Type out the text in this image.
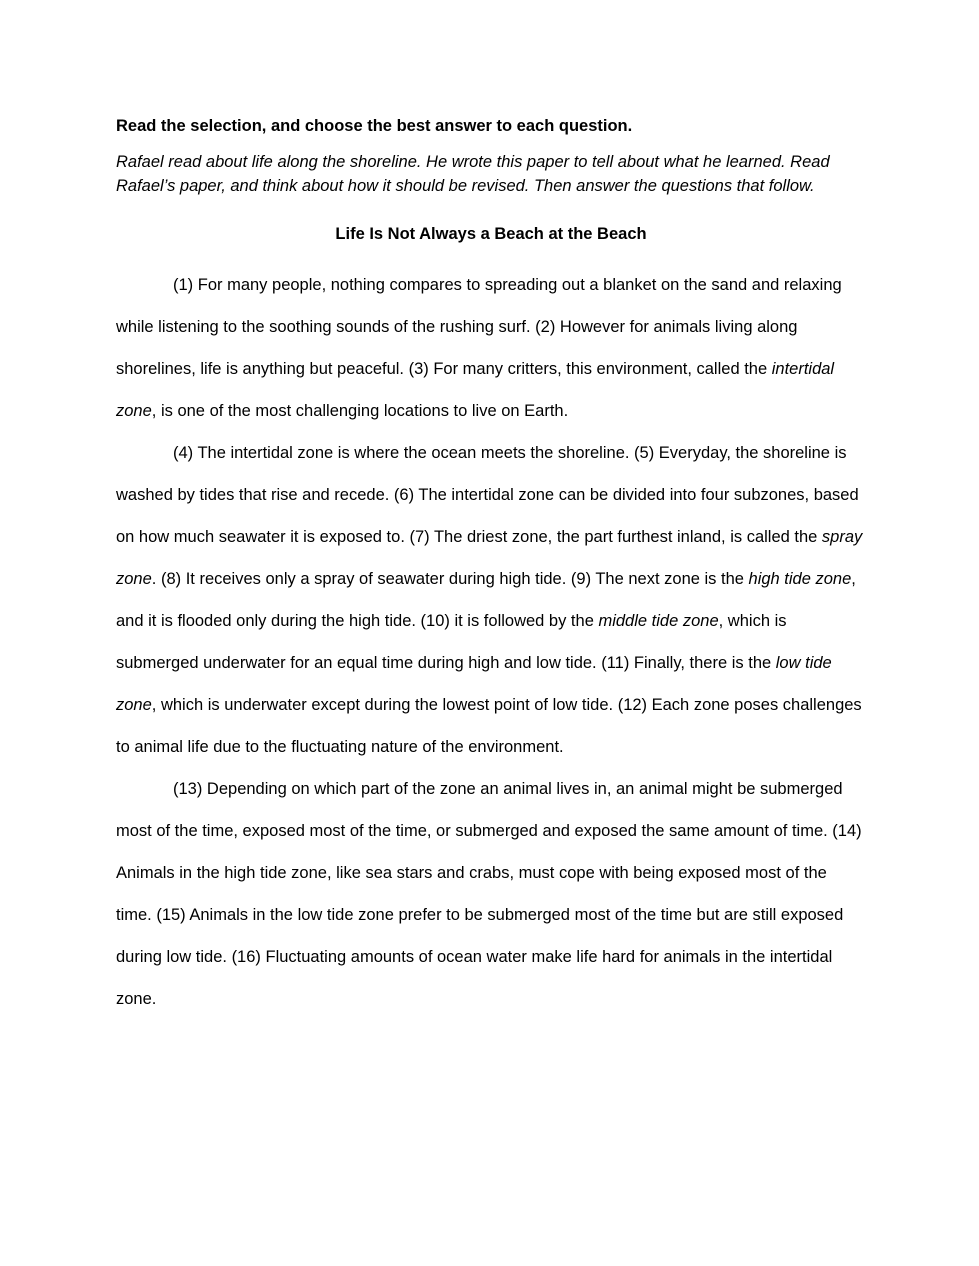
Read the selection, and choose the best answer to each question.

Rafael read about life along the shoreline. He wrote this paper to tell about what he learned. Read Rafael’s paper, and think about how it should be revised. Then answer the questions that follow.

Life Is Not Always a Beach at the Beach

(1) For many people, nothing compares to spreading out a blanket on the sand and relaxing while listening to the soothing sounds of the rushing surf. (2) However for animals living along shorelines, life is anything but peaceful. (3) For many critters, this environment, called the intertidal zone, is one of the most challenging locations to live on Earth.

(4) The intertidal zone is where the ocean meets the shoreline. (5) Everyday, the shoreline is washed by tides that rise and recede. (6) The intertidal zone can be divided into four subzones, based on how much seawater it is exposed to. (7) The driest zone, the part furthest inland, is called the spray zone. (8) It receives only a spray of seawater during high tide. (9) The next zone is the high tide zone, and it is flooded only during the high tide. (10) it is followed by the middle tide zone, which is submerged underwater for an equal time during high and low tide. (11) Finally, there is the low tide zone, which is underwater except during the lowest point of low tide. (12) Each zone poses challenges to animal life due to the fluctuating nature of the environment.

(13) Depending on which part of the zone an animal lives in, an animal might be submerged most of the time, exposed most of the time, or submerged and exposed the same amount of time. (14) Animals in the high tide zone, like sea stars and crabs, must cope with being exposed most of the time. (15) Animals in the low tide zone prefer to be submerged most of the time but are still exposed during low tide. (16) Fluctuating amounts of ocean water make life hard for animals in the intertidal zone.
